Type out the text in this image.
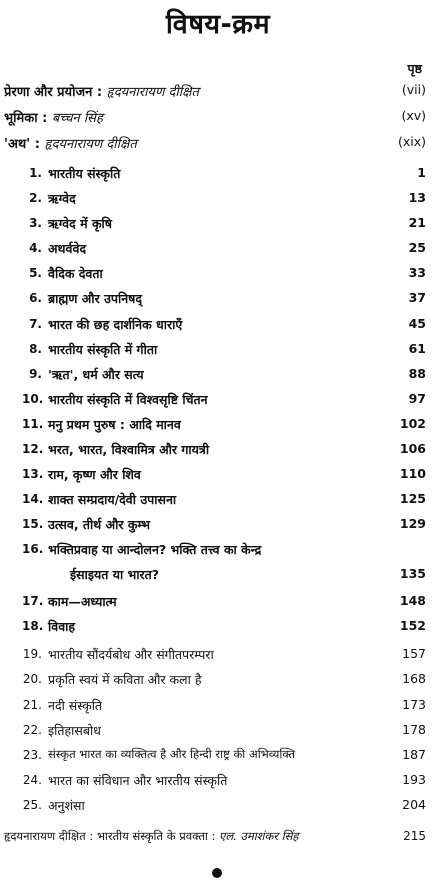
विषय-क्रम
पृष्ठ
प्रेरणा और प्रयोजन : हृदयनारायण दीक्षित	(vii)
भूमिका : बच्चन सिंह	(xv)
'अथ' : हृदयनारायण दीक्षित	(xix)
1. भारतीय संस्कृति	1
2. ऋग्वेद	13
3. ऋग्वेद में कृषि	21
4. अथर्ववेद	25
5. वैदिक देवता	33
6. ब्राह्मण और उपनिषद्	37
7. भारत की छह दार्शनिक धाराएँ	45
8. भारतीय संस्कृति में गीता	61
9. 'ऋत', धर्म और सत्य	88
10. भारतीय संस्कृति में विश्वसृष्टि चिंतन	97
11. मनु प्रथम पुरुष : आदि मानव	102
12. भरत, भारत, विश्वामित्र और गायत्री	106
13. राम, कृष्ण और शिव	110
14. शाक्त सम्प्रदाय/देवी उपासना	125
15. उत्सव, तीर्थ और कुम्भ	129
16. भक्तिप्रवाह या आन्दोलन? भक्ति तत्त्व का केन्द्र
ईसाइयत या भारत?	135
17. काम—अध्यात्म	148
18. विवाह	152
19. भारतीय सौंदर्यबोध और संगीतपरम्परा	157
20. प्रकृति स्वयं में कविता और कला है	168
21. नदी संस्कृति	173
22. इतिहासबोध	178
23. संस्कृत भारत का व्यक्तित्व है और हिन्दी राष्ट्र की अभिव्यक्ति	187
24. भारत का संविधान और भारतीय संस्कृति	193
25. अनुशंसा	204
हृदयनारायण दीक्षित : भारतीय संस्कृति के प्रवक्ता : एल. उमाशंकर सिंह	215
